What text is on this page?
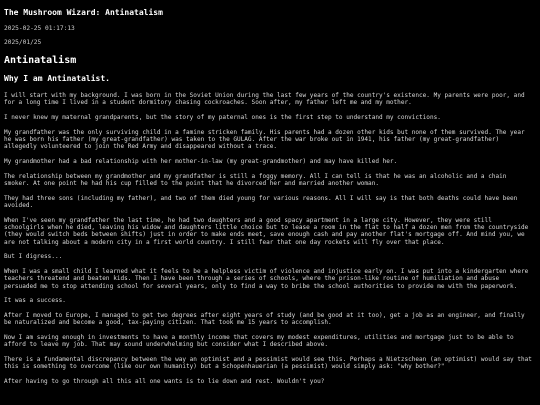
The Mushroom Wizard: Antinatalism
2025-02-25 01:17:13
2025/01/25
Antinatalism
Why I am Antinatalist.

I will start with my background. I was born in the Soviet Union during the last few years of the country's existence. My parents were poor, and for a long time I lived in a student dormitory chasing cockroaches. Soon after, my father left me and my mother.

I never knew my maternal grandparents, but the story of my paternal ones is the first step to understand my convictions.

My grandfather was the only surviving child in a famine stricken family. His parents had a dozen other kids but none of them survived. The year he was born his father (my great-grandfather) was taken to the GULAG. After the war broke out in 1941, his father (my great-grandfather) allegedly volunteered to join the Red Army and disappeared without a trace.

My grandmother had a bad relationship with her mother-in-law (my great-grandmother) and may have killed her.

The relationship between my grandmother and my grandfather is still a foggy memory. All I can tell is that he was an alcoholic and a chain smoker. At one point he had his cup filled to the point that he divorced her and married another woman.

They had three sons (including my father), and two of them died young for various reasons. All I will say is that both deaths could have been avoided.

When I've seen my grandfather the last time, he had two daughters and a good spacy apartment in a large city. However, they were still schoolgirls when he died, leaving his widow and daughters little choice but to lease a room in the flat to half a dozen men from the countryside (they would switch beds between shifts) just in order to make ends meet, save enough cash and pay another flat's mortgage off. And mind you, we are not talking about a modern city in a first world country. I still fear that one day rockets will fly over that place.

But I digress...

When I was a small child I learned what it feels to be a helpless victim of violence and injustice early on. I was put into a kindergarten where teachers threatend and beaten kids. Then I have been through a series of schools, where the prison-like routine of humiliation and abuse persuaded me to stop attending school for several years, only to find a way to bribe the school authorities to provide me with the paperwork.

It was a success.

After I moved to Europe, I managed to get two degrees after eight years of study (and be good at it too), get a job as an engineer, and finally be naturalized and become a good, tax-paying citizen. That took me 15 years to accomplish.

Now I am saving enough in investments to have a monthly income that covers my modest expenditures, utilities and mortgage just to be able to afford to leave my job. That may sound underwhelming but consider what I described above.

There is a fundamental discrepancy between the way an optimist and a pessimist would see this. Perhaps a Nietzschean (an optimist) would say that this is something to overcome (like our own humanity) but a Schopenhauerian (a pessimist) would simply ask: "why bother?"

After having to go through all this all one wants is to lie down and rest. Wouldn't you?
